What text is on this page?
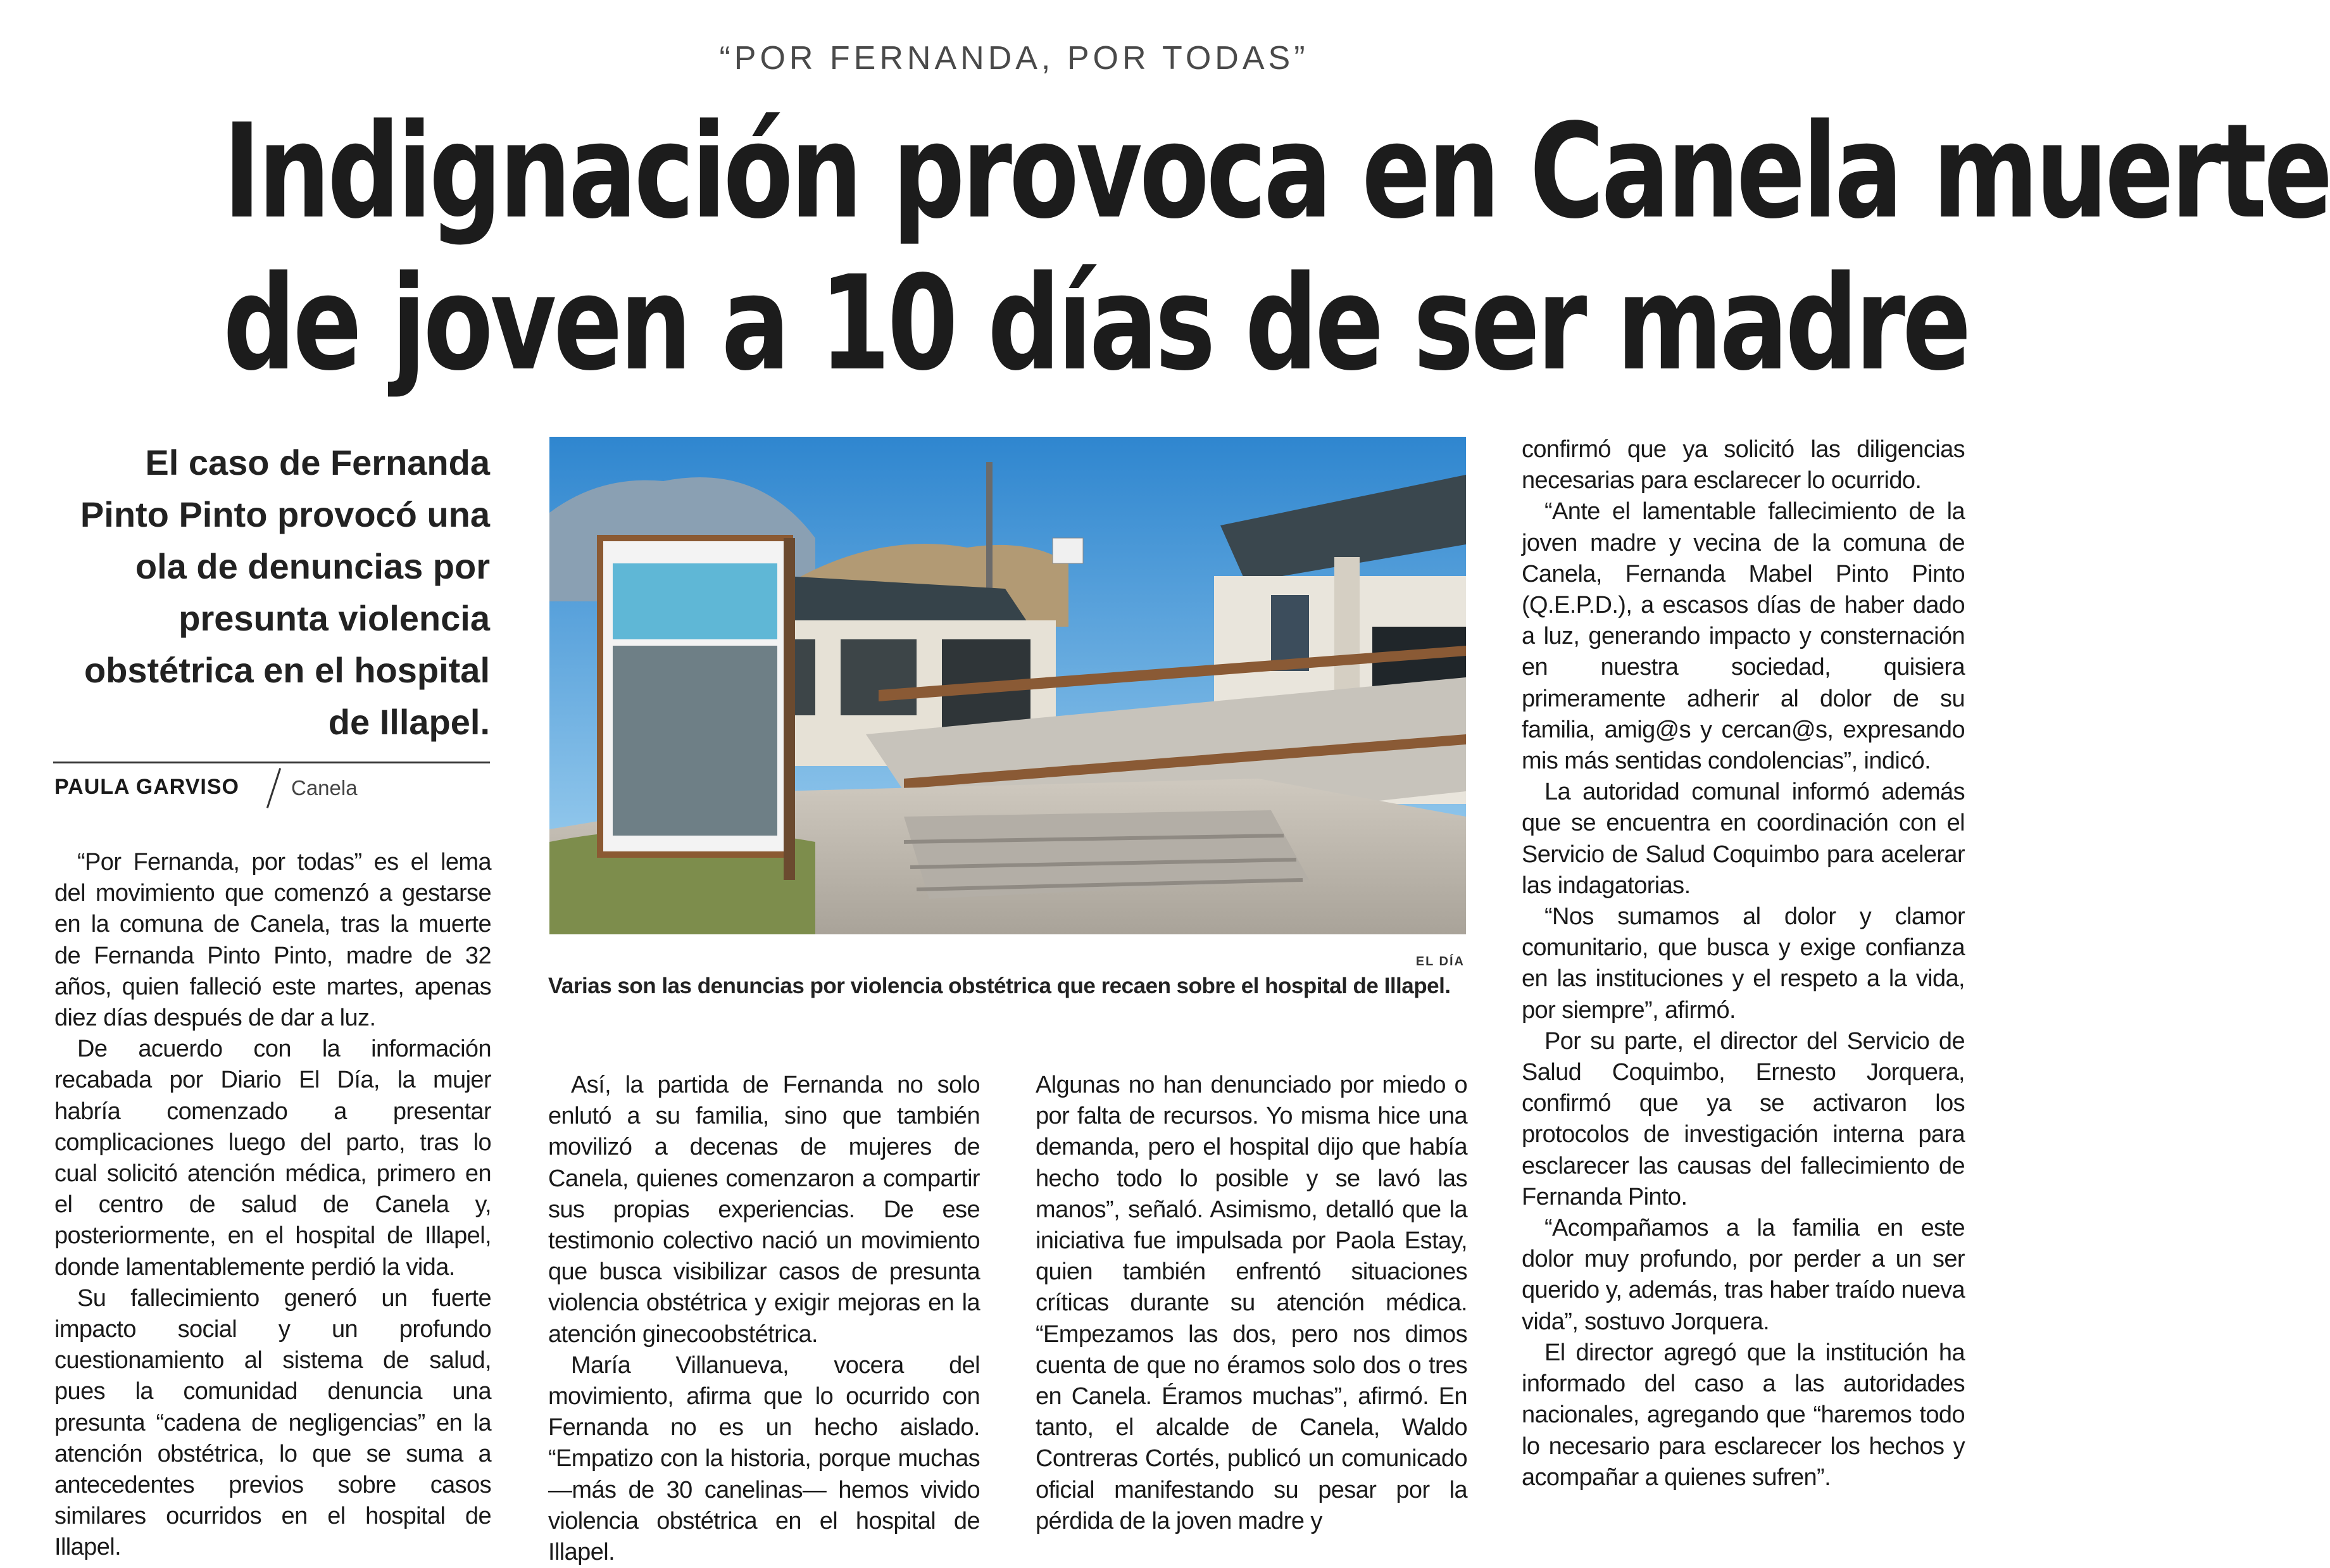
“POR FERNANDA, POR TODAS”
Indignación provoca en Canela muerte
de joven a 10 días de ser madre
El caso de Fernanda Pinto Pinto provocó una ola de denuncias por presunta violencia obstétrica en el hospital de Illapel.
PAULA GARVISO Canela

“Por Fernanda, por todas” es el lema del movimiento que comenzó a gestarse en la comuna de Canela, tras la muerte de Fernanda Pinto Pinto, madre de 32 años, quien falleció este martes, apenas diez días después de dar a luz.

De acuerdo con la información recabada por Diario El Día, la mujer habría comenzado a presentar complicaciones luego del parto, tras lo cual solicitó atención médica, primero en el centro de salud de Canela y, posteriormente, en el hospital de Illapel, donde lamentablemente perdió la vida.

Su fallecimiento generó un fuerte impacto social y un profundo cuestionamiento al sistema de salud, pues la comunidad denuncia una presunta “cadena de negligencias” en la atención obstétrica, lo que se suma a antecedentes previos sobre casos similares ocurridos en el hospital de Illapel.

EL DÍA
Varias son las denuncias por violencia obstétrica que recaen sobre el hospital de Illapel.

Así, la partida de Fernanda no solo enlutó a su familia, sino que también movilizó a decenas de mujeres de Canela, quienes comenzaron a compartir sus propias experiencias. De ese testimonio colectivo nació un movimiento que busca visibilizar casos de presunta violencia obstétrica y exigir mejoras en la atención ginecoobstétrica.

María Villanueva, vocera del movimiento, afirma que lo ocurrido con Fernanda no es un hecho aislado. “Empatizo con la historia, porque muchas —más de 30 canelinas— hemos vivido violencia obstétrica en el hospital de Illapel.

Algunas no han denunciado por miedo o por falta de recursos. Yo misma hice una demanda, pero el hospital dijo que había hecho todo lo posible y se lavó las manos”, señaló. Asimismo, detalló que la iniciativa fue impulsada por Paola Estay, quien también enfrentó situaciones críticas durante su atención médica. “Empezamos las dos, pero nos dimos cuenta de que no éramos solo dos o tres en Canela. Éramos muchas”, afirmó. En tanto, el alcalde de Canela, Waldo Contreras Cortés, publicó un comunicado oficial manifestando su pesar por la pérdida de la joven madre y

confirmó que ya solicitó las diligencias necesarias para esclarecer lo ocurrido.

“Ante el lamentable fallecimiento de la joven madre y vecina de la comuna de Canela, Fernanda Mabel Pinto Pinto (Q.E.P.D.), a escasos días de haber dado a luz, generando impacto y consternación en nuestra sociedad, quisiera primeramente adherir al dolor de su familia, amig@s y cercan@s, expresando mis más sentidas condolencias”, indicó.

La autoridad comunal informó además que se encuentra en coordinación con el Servicio de Salud Coquimbo para acelerar las indagatorias.

“Nos sumamos al dolor y clamor comunitario, que busca y exige confianza en las instituciones y el respeto a la vida, por siempre”, afirmó.

Por su parte, el director del Servicio de Salud Coquimbo, Ernesto Jorquera, confirmó que ya se activaron los protocolos de investigación interna para esclarecer las causas del fallecimiento de Fernanda Pinto.

“Acompañamos a la familia en este dolor muy profundo, por perder a un ser querido y, además, tras haber traído nueva vida”, sostuvo Jorquera.

El director agregó que la institución ha informado del caso a las autoridades nacionales, agregando que “haremos todo lo necesario para esclarecer los hechos y acompañar a quienes sufren”.
